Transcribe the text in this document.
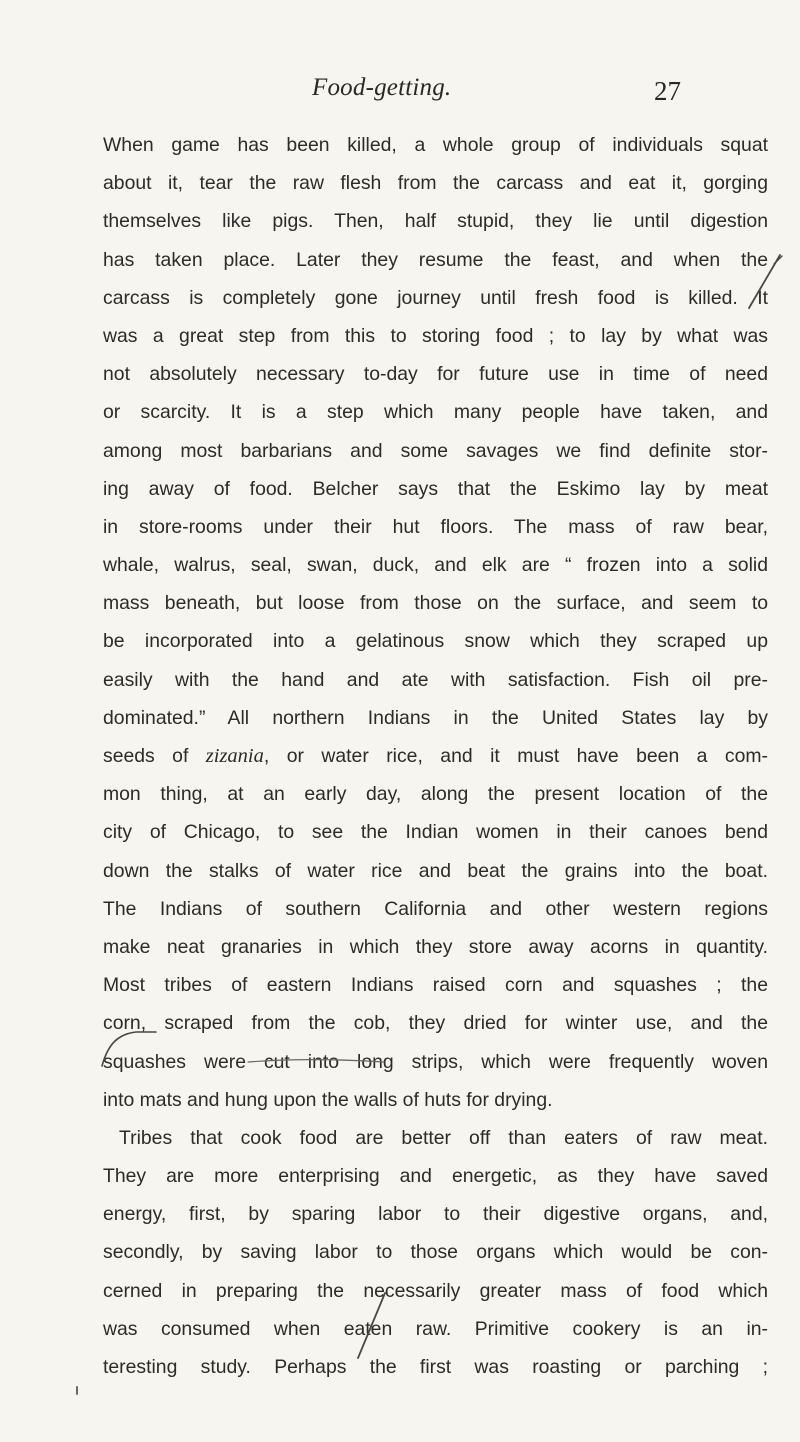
Food-getting.	27
When game has been killed, a whole group of individuals squat
about it, tear the raw flesh from the carcass and eat it, gorging
themselves like pigs. Then, half stupid, they lie until digestion
has taken place. Later they resume the feast, and when the
carcass is completely gone journey until fresh food is killed. It
was a great step from this to storing food ; to lay by what was
not absolutely necessary to-day for future use in time of need
or scarcity. It is a step which many people have taken, and
among most barbarians and some savages we find definite stor-
ing away of food. Belcher says that the Eskimo lay by meat
in store-rooms under their hut floors. The mass of raw bear,
whale, walrus, seal, swan, duck, and elk are “ frozen into a solid
mass beneath, but loose from those on the surface, and seem to
be incorporated into a gelatinous snow which they scraped up
easily with the hand and ate with satisfaction. Fish oil pre-
dominated.” All northern Indians in the United States lay by
seeds of zizania, or water rice, and it must have been a com-
mon thing, at an early day, along the present location of the
city of Chicago, to see the Indian women in their canoes bend
down the stalks of water rice and beat the grains into the boat.
The Indians of southern California and other western regions
make neat granaries in which they store away acorns in quantity.
Most tribes of eastern Indians raised corn and squashes ; the
corn, scraped from the cob, they dried for winter use, and the
squashes were cut into long strips, which were frequently woven
into mats and hung upon the walls of huts for drying.
Tribes that cook food are better off than eaters of raw meat.
They are more enterprising and energetic, as they have saved
energy, first, by sparing labor to their digestive organs, and,
secondly, by saving labor to those organs which would be con-
cerned in preparing the necessarily greater mass of food which
was consumed when eaten raw. Primitive cookery is an in-
teresting study. Perhaps the first was roasting or parching ;
